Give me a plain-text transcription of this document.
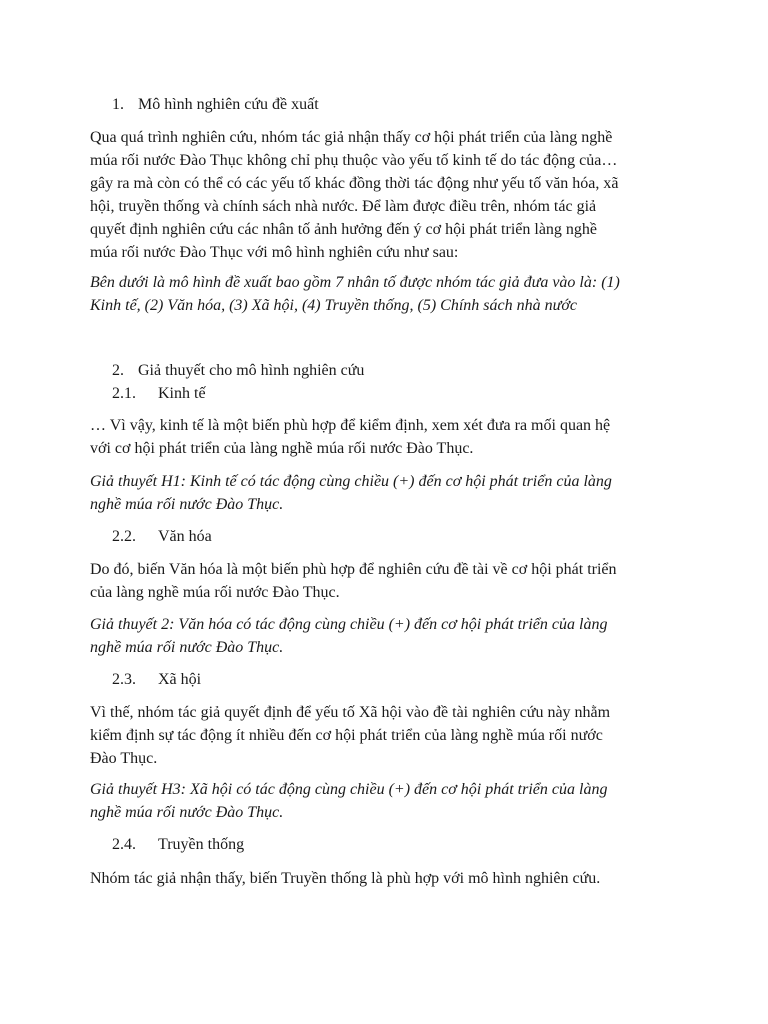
1. Mô hình nghiên cứu đề xuất
Qua quá trình nghiên cứu, nhóm tác giả nhận thấy cơ hội phát triển của làng nghề
múa rối nước Đào Thục không chỉ phụ thuộc vào yếu tố kinh tế do tác động của…
gây ra mà còn có thể có các yếu tố khác đồng thời tác động như yếu tố văn hóa, xã
hội, truyền thống và chính sách nhà nước. Để làm được điều trên, nhóm tác giả
quyết định nghiên cứu các nhân tố ảnh hưởng đến ý cơ hội phát triển làng nghề
múa rối nước Đào Thục với mô hình nghiên cứu như sau:
Bên dưới là mô hình đề xuất bao gồm 7 nhân tố được nhóm tác giả đưa vào là: (1)
Kinh tế, (2) Văn hóa, (3) Xã hội, (4) Truyền thống, (5) Chính sách nhà nước
2. Giả thuyết cho mô hình nghiên cứu
2.1. Kinh tế
… Vì vậy, kinh tế là một biến phù hợp để kiểm định, xem xét đưa ra mối quan hệ
với cơ hội phát triển của làng nghề múa rối nước Đào Thục.
Giả thuyết H1: Kinh tế có tác động cùng chiều (+) đến cơ hội phát triển của làng
nghề múa rối nước Đào Thục.
2.2. Văn hóa
Do đó, biến Văn hóa là một biến phù hợp để nghiên cứu đề tài về cơ hội phát triển
của làng nghề múa rối nước Đào Thục.
Giả thuyết 2: Văn hóa có tác động cùng chiều (+) đến cơ hội phát triển của làng
nghề múa rối nước Đào Thục.
2.3. Xã hội
Vì thế, nhóm tác giả quyết định để yếu tố Xã hội vào đề tài nghiên cứu này nhằm
kiểm định sự tác động ít nhiều đến cơ hội phát triển của làng nghề múa rối nước
Đào Thục.
Giả thuyết H3: Xã hội có tác động cùng chiều (+) đến cơ hội phát triển của làng
nghề múa rối nước Đào Thục.
2.4. Truyền thống
Nhóm tác giả nhận thấy, biến Truyền thống là phù hợp với mô hình nghiên cứu.
